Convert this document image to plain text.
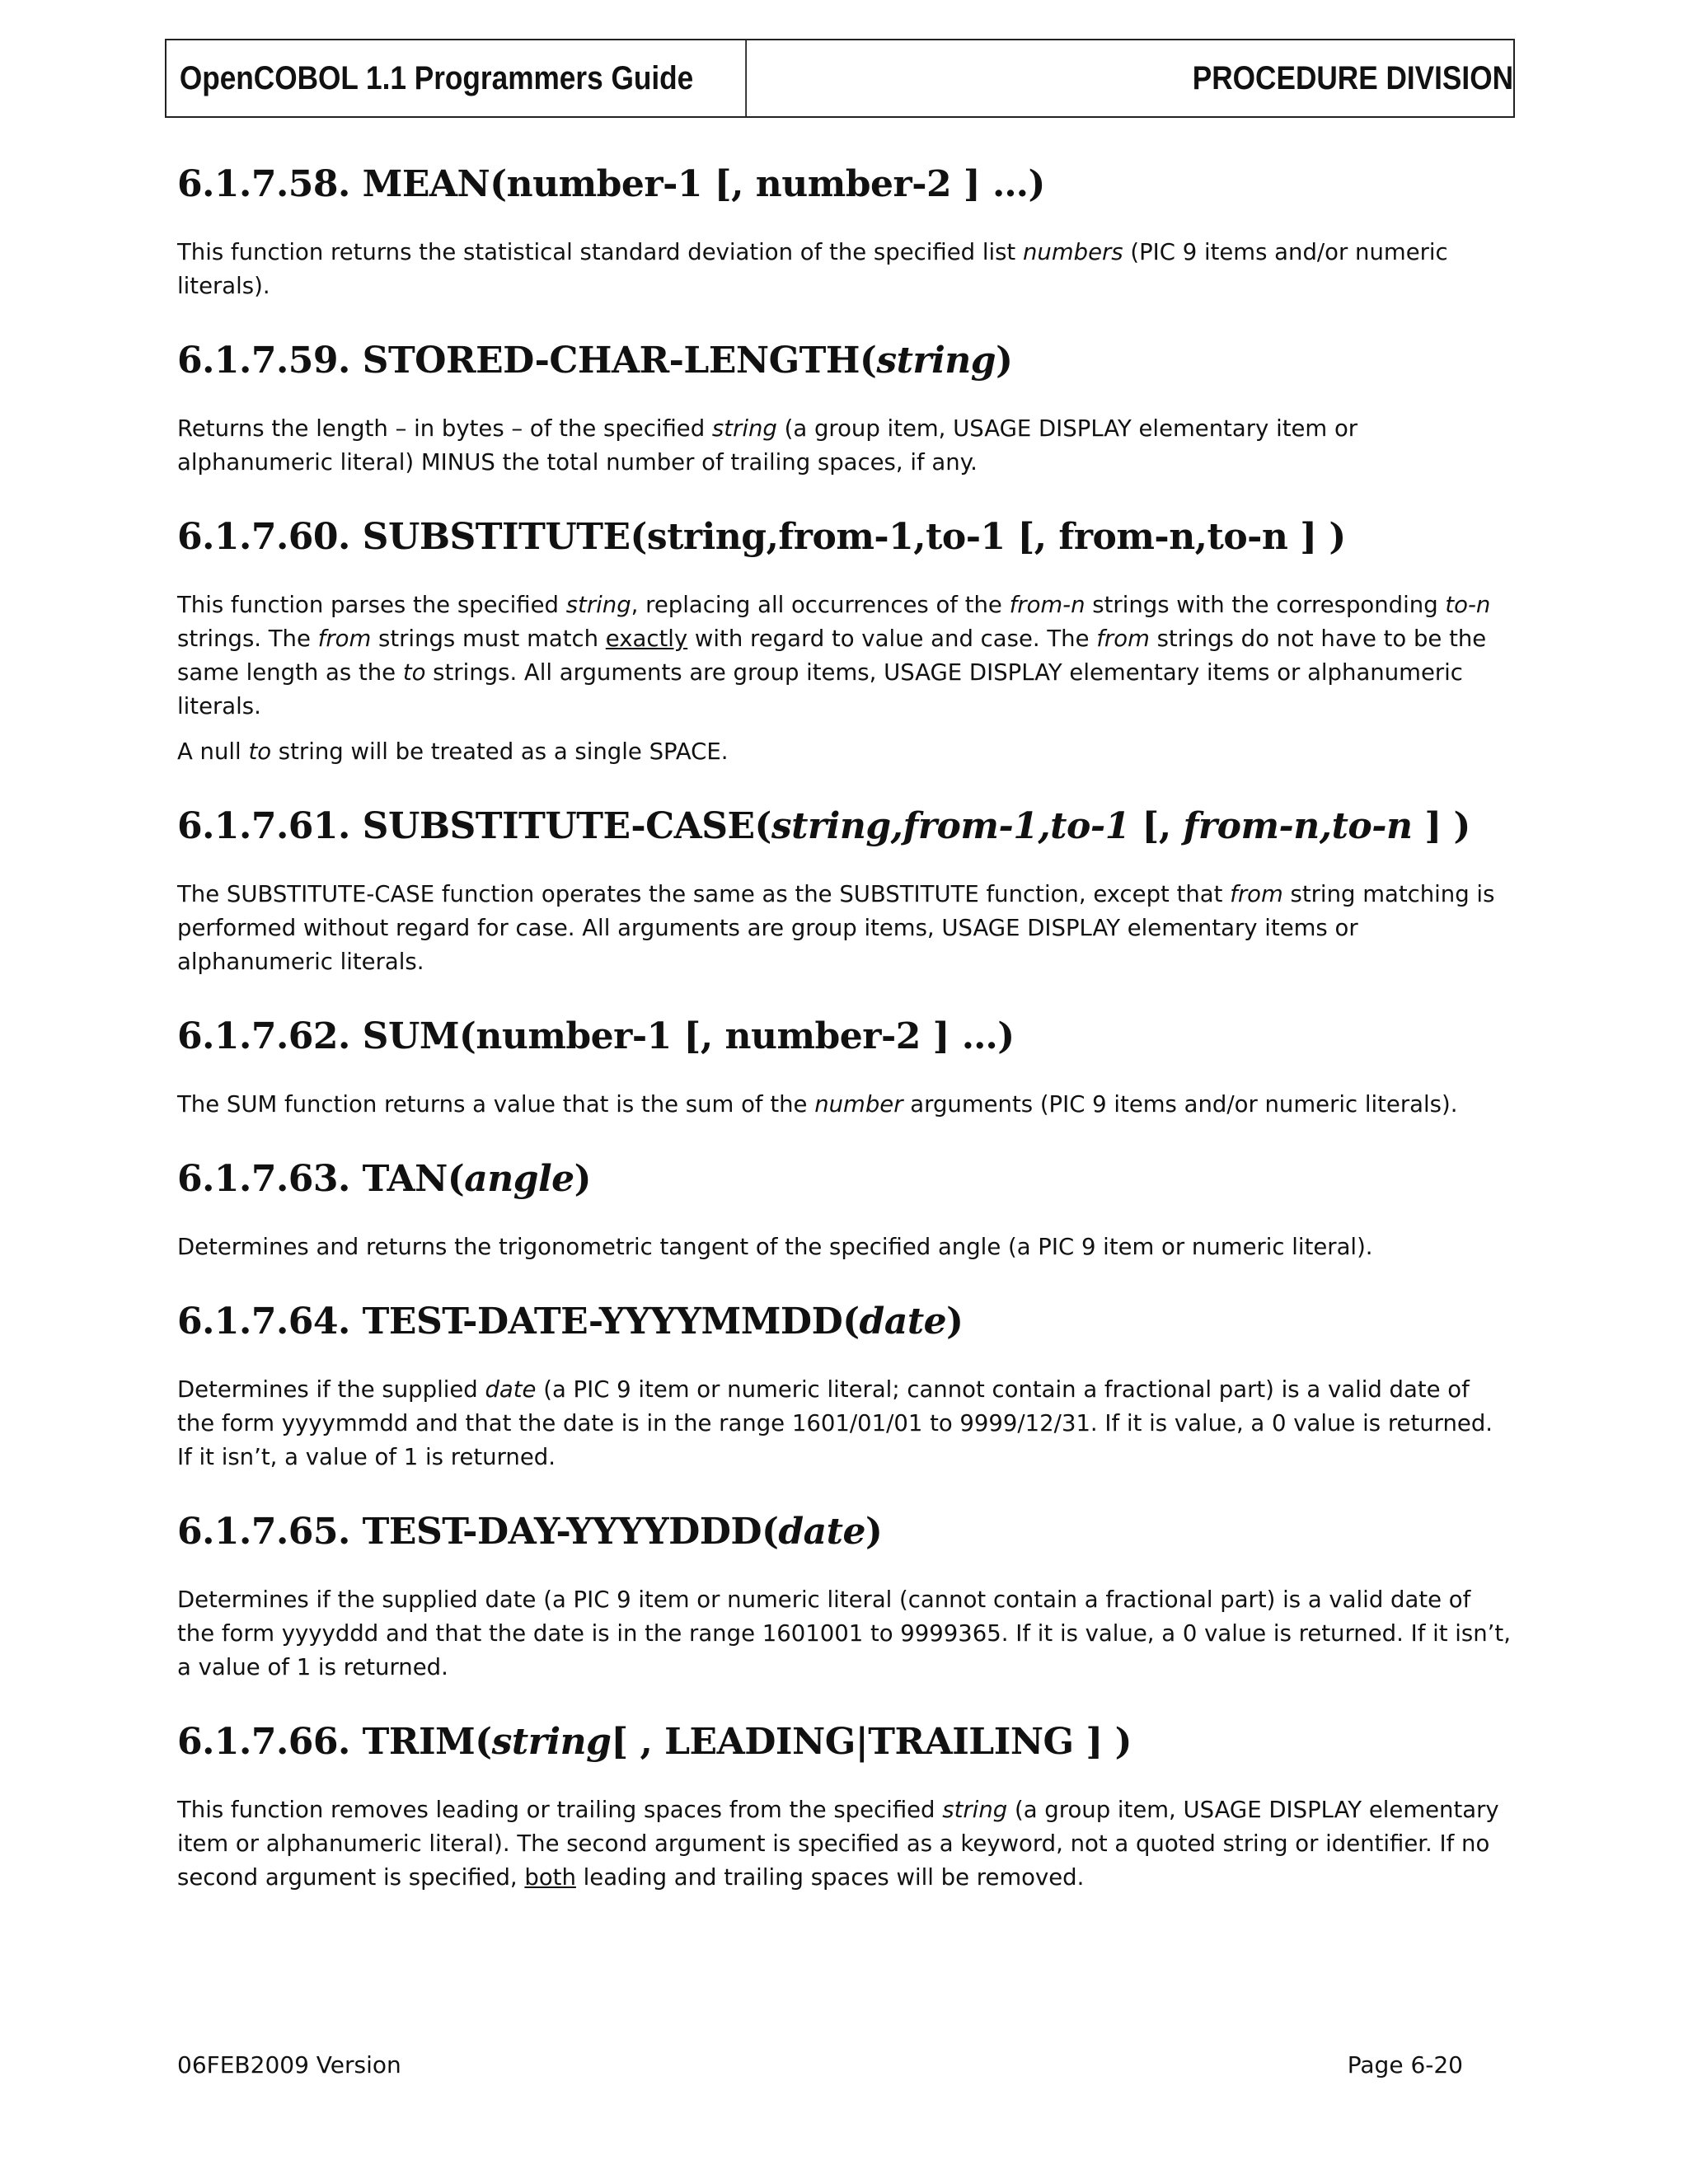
OpenCOBOL 1.1 Programmers Guide	PROCEDURE DIVISION
6.1.7.58. MEAN(number-1 [, number-2 ] …)

This function returns the statistical standard deviation of the specified list numbers (PIC 9 items and/or numeric literals).

6.1.7.59. STORED-CHAR-LENGTH(string)

Returns the length – in bytes – of the specified string (a group item, USAGE DISPLAY elementary item or alphanumeric literal) MINUS the total number of trailing spaces, if any.

6.1.7.60. SUBSTITUTE(string,from-1,to-1 [, from-n,to-n ] )

This function parses the specified string, replacing all occurrences of the from-n strings with the corresponding to-n strings. The from strings must match exactly with regard to value and case. The from strings do not have to be the same length as the to strings. All arguments are group items, USAGE DISPLAY elementary items or alphanumeric literals.

A null to string will be treated as a single SPACE.

6.1.7.61. SUBSTITUTE-CASE(string,from-1,to-1 [, from-n,to-n ] )

The SUBSTITUTE-CASE function operates the same as the SUBSTITUTE function, except that from string matching is performed without regard for case. All arguments are group items, USAGE DISPLAY elementary items or alphanumeric literals.

6.1.7.62. SUM(number-1 [, number-2 ] …)

The SUM function returns a value that is the sum of the number arguments (PIC 9 items and/or numeric literals).

6.1.7.63. TAN(angle)

Determines and returns the trigonometric tangent of the specified angle (a PIC 9 item or numeric literal).

6.1.7.64. TEST-DATE-YYYYMMDD(date)

Determines if the supplied date (a PIC 9 item or numeric literal; cannot contain a fractional part) is a valid date of the form yyyymmdd and that the date is in the range 1601/01/01 to 9999/12/31. If it is value, a 0 value is returned. If it isn’t, a value of 1 is returned.

6.1.7.65. TEST-DAY-YYYYDDD(date)

Determines if the supplied date (a PIC 9 item or numeric literal (cannot contain a fractional part) is a valid date of the form yyyyddd and that the date is in the range 1601001 to 9999365. If it is value, a 0 value is returned. If it isn’t, a value of 1 is returned.

6.1.7.66. TRIM(string[ , LEADING|TRAILING ] )

This function removes leading or trailing spaces from the specified string (a group item, USAGE DISPLAY elementary item or alphanumeric literal). The second argument is specified as a keyword, not a quoted string or identifier. If no second argument is specified, both leading and trailing spaces will be removed.

06FEB2009 Version	Page 6-20
